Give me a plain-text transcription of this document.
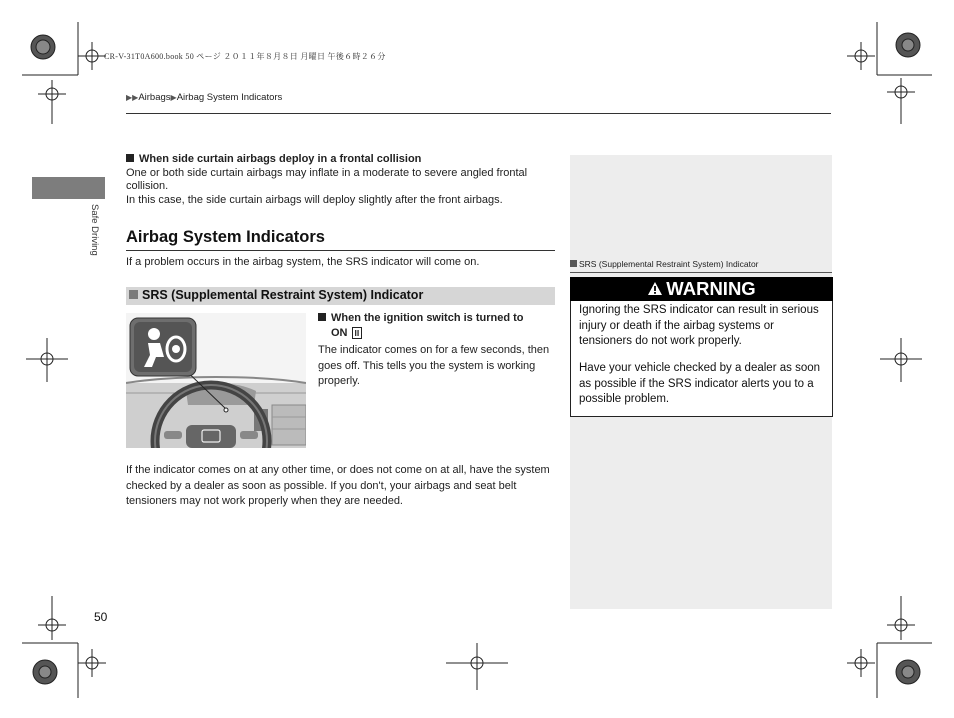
CR-V-31T0A600.book 50 ページ ２０１１年８月８日 月曜日 午後６時２６分
▶▶Airbags▶Airbag System Indicators
Safe Driving
When side curtain airbags deploy in a frontal collision
One or both side curtain airbags may inflate in a moderate to severe angled frontal collision.
In this case, the side curtain airbags will deploy slightly after the front airbags.
Airbag System Indicators
If a problem occurs in the airbag system, the SRS indicator will come on.
SRS (Supplemental Restraint System) Indicator
When the ignition switch is turned to
ON II
The indicator comes on for a few seconds, then goes off. This tells you the system is working properly.
If the indicator comes on at any other time, or does not come on at all, have the system checked by a dealer as soon as possible. If you don't, your airbags and seat belt tensioners may not work properly when they are needed.
SRS (Supplemental Restraint System) Indicator
WARNING
Ignoring the SRS indicator can result in serious injury or death if the airbag systems or tensioners do not work properly.
Have your vehicle checked by a dealer as soon as possible if the SRS indicator alerts you to a possible problem.
50
